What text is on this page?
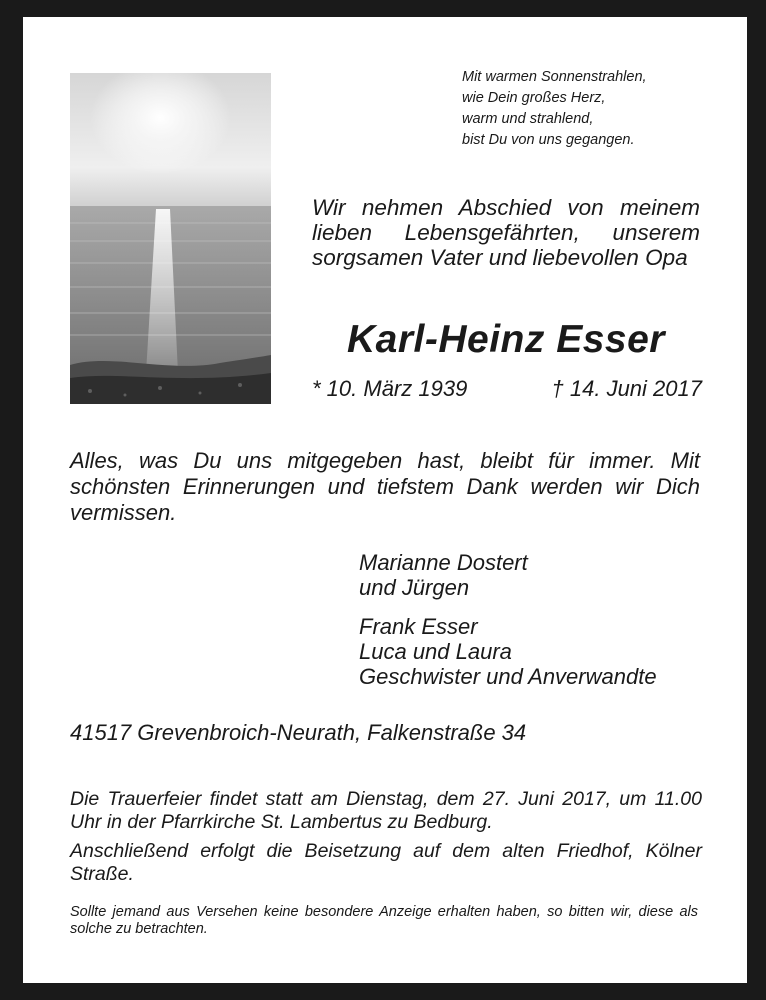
Mit warmen Sonnenstrahlen,
wie Dein großes Herz,
warm und strahlend,
bist Du von uns gegangen.
Wir nehmen Abschied von meinem lieben Lebensgefährten, unserem sorgsamen Vater und liebevollen Opa
Karl-Heinz Esser
* 10. März 1939	† 14. Juni 2017
Alles, was Du uns mitgegeben hast, bleibt für immer. Mit schönsten Erinnerungen und tiefstem Dank werden wir Dich vermissen.
Marianne Dostert
und Jürgen
Frank Esser
Luca und Laura
Geschwister und Anverwandte
41517 Grevenbroich-Neurath, Falkenstraße 34

Die Trauerfeier findet statt am Dienstag, dem 27. Juni 2017, um 11.00 Uhr in der Pfarrkirche St. Lambertus zu Bedburg.

Anschließend erfolgt die Beisetzung auf dem alten Friedhof, Kölner Straße.

Sollte jemand aus Versehen keine besondere Anzeige erhalten haben, so bitten wir, diese als solche zu betrachten.
